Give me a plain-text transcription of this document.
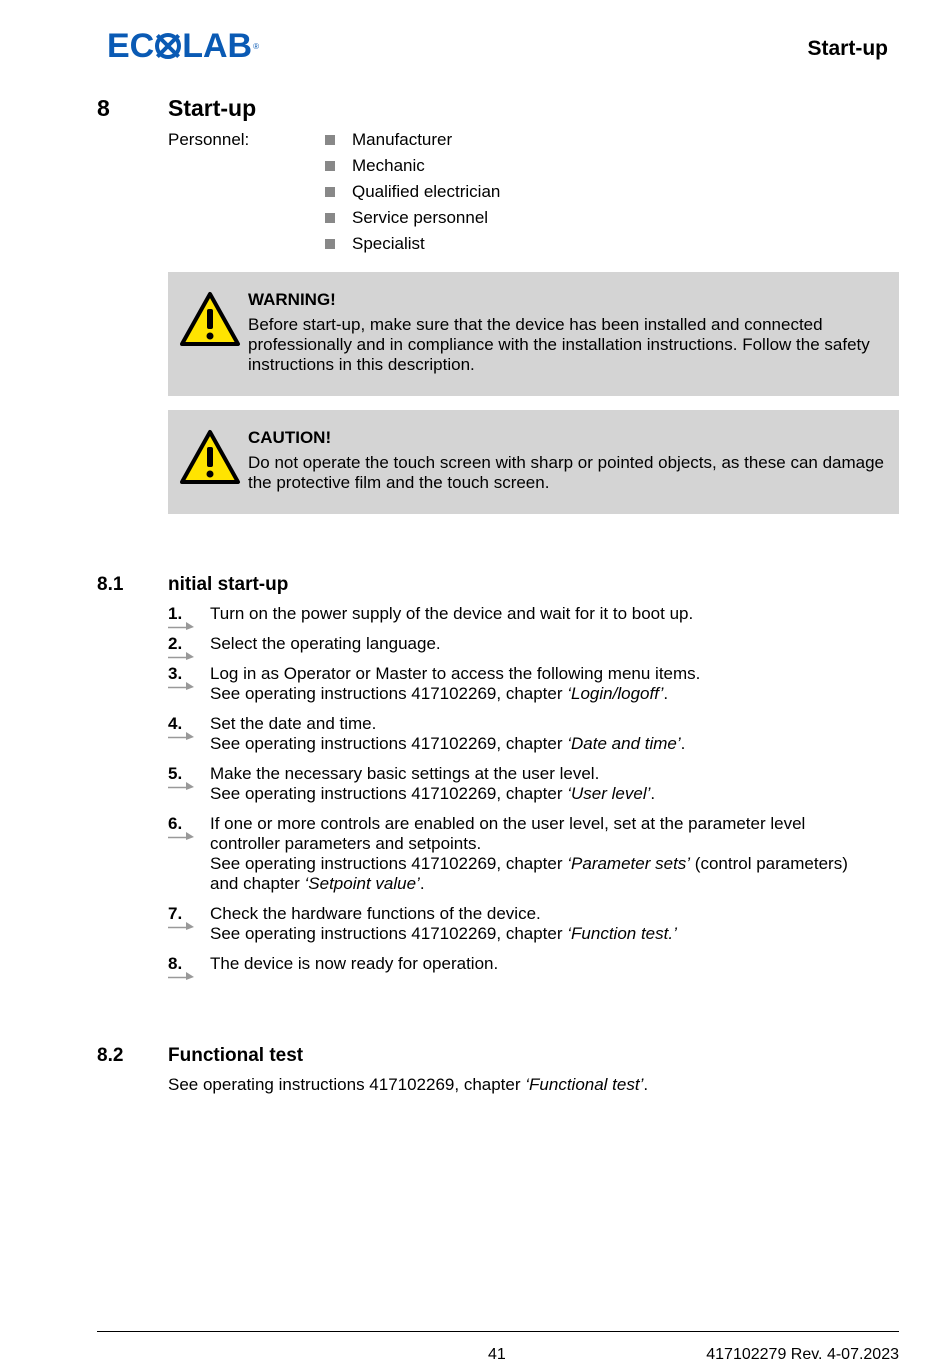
EC LAB ®	Start-up
8	Start-up
Personnel:	Manufacturer
Mechanic
Qualified electrician
Service personnel
Specialist
WARNING!
Before start-up, make sure that the device has been installed and connected professionally and in compliance with the installation instructions. Follow the safety instructions in this description.
CAUTION!
Do not operate the touch screen with sharp or pointed objects, as these can damage the protective film and the touch screen.
8.1 nitial start-up
1.	Turn on the power supply of the device and wait for it to boot up.
2.	Select the operating language.
3.	Log in as Operator or Master to access the following menu items.
See operating instructions 417102269, chapter ‘Login/logoff’.
4.	Set the date and time.
See operating instructions 417102269, chapter ‘Date and time’.
5.	Make the necessary basic settings at the user level.
See operating instructions 417102269, chapter ‘User level’.
6.	If one or more controls are enabled on the user level, set at the parameter level controller parameters and setpoints.
See operating instructions 417102269, chapter ‘Parameter sets’ (control parameters) and chapter ‘Setpoint value’.
7.	Check the hardware functions of the device.
See operating instructions 417102269, chapter ‘Function test.’
8.	The device is now ready for operation.
8.2 Functional test
See operating instructions 417102269, chapter ‘Functional test’.
41	417102279 Rev. 4-07.2023
